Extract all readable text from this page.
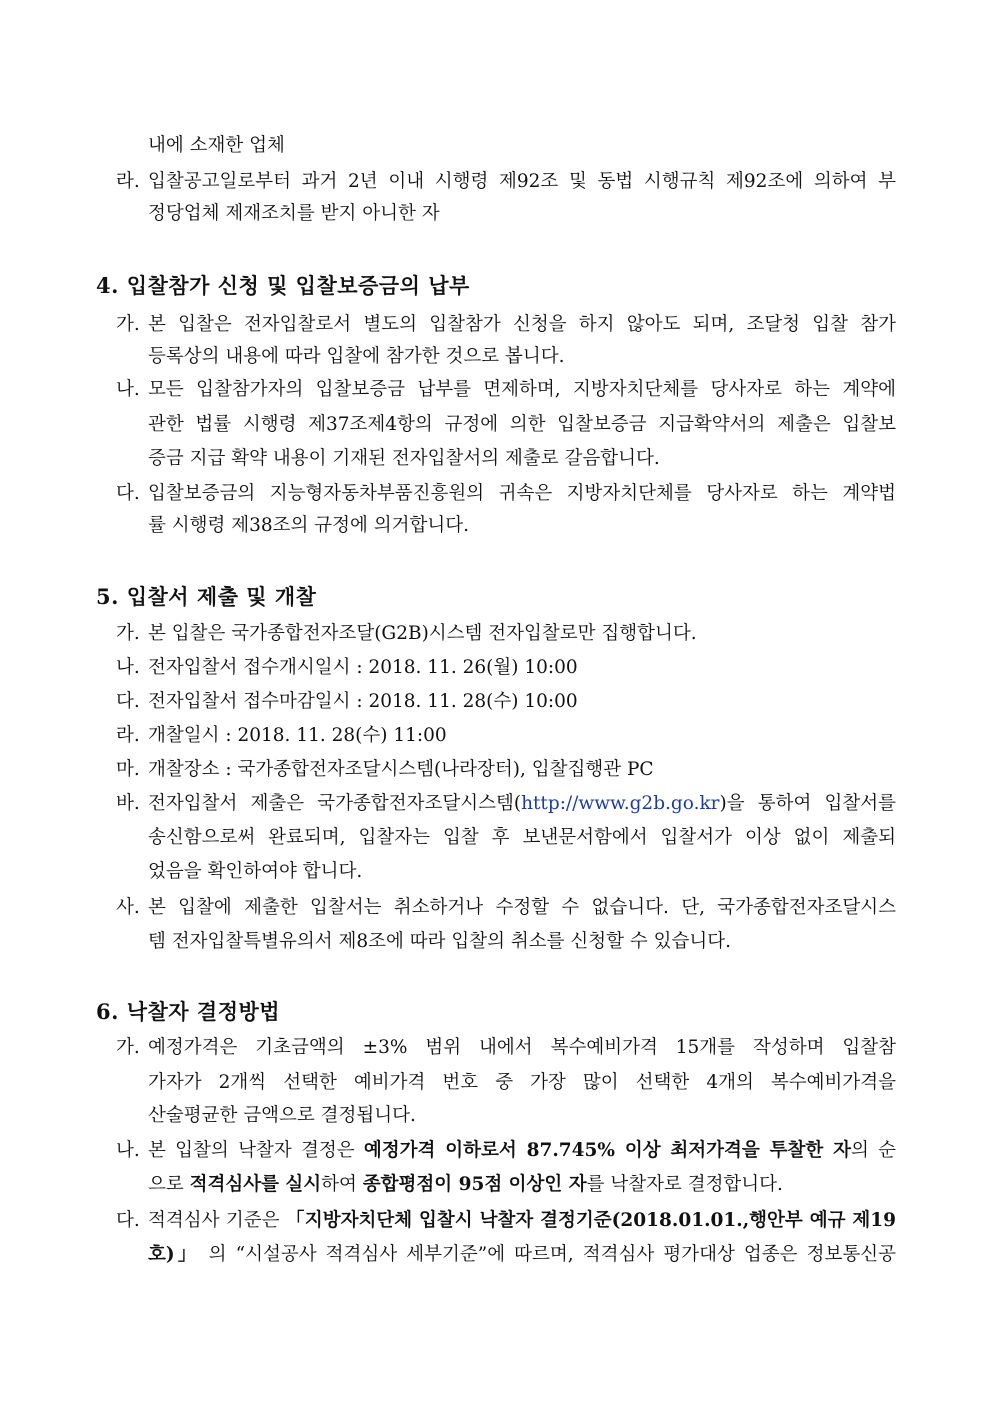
내에 소재한 업체
라. 입찰공고일로부터 과거 2년 이내 시행령 제92조 및 동법 시행규칙 제92조에 의하여 부
정당업체 제재조치를 받지 아니한 자
4. 입찰참가 신청 및 입찰보증금의 납부
가. 본 입찰은 전자입찰로서 별도의 입찰참가 신청을 하지 않아도 되며, 조달청 입찰 참가
등록상의 내용에 따라 입찰에 참가한 것으로 봅니다.
나. 모든 입찰참가자의 입찰보증금 납부를 면제하며, 지방자치단체를 당사자로 하는 계약에
관한 법률 시행령 제37조제4항의 규정에 의한 입찰보증금 지급확약서의 제출은 입찰보
증금 지급 확약 내용이 기재된 전자입찰서의 제출로 갈음합니다.
다. 입찰보증금의 지능형자동차부품진흥원의 귀속은 지방자치단체를 당사자로 하는 계약법
률 시행령 제38조의 규정에 의거합니다.
5. 입찰서 제출 및 개찰
가. 본 입찰은 국가종합전자조달(G2B)시스템 전자입찰로만 집행합니다.
나. 전자입찰서 접수개시일시 : 2018. 11. 26(월) 10:00
다. 전자입찰서 접수마감일시 : 2018. 11. 28(수) 10:00
라. 개찰일시 : 2018. 11. 28(수) 11:00
마. 개찰장소 : 국가종합전자조달시스템(나라장터), 입찰집행관 PC
바. 전자입찰서 제출은 국가종합전자조달시스템(http://www.g2b.go.kr)을 통하여 입찰서를
송신함으로써 완료되며, 입찰자는 입찰 후 보낸문서함에서 입찰서가 이상 없이 제출되
었음을 확인하여야 합니다.
사. 본 입찰에 제출한 입찰서는 취소하거나 수정할 수 없습니다. 단, 국가종합전자조달시스
템 전자입찰특별유의서 제8조에 따라 입찰의 취소를 신청할 수 있습니다.
6. 낙찰자 결정방법
가. 예정가격은 기초금액의 ±3% 범위 내에서 복수예비가격 15개를 작성하며 입찰참
가자가 2개씩 선택한 예비가격 번호 중 가장 많이 선택한 4개의 복수예비가격을
산술평균한 금액으로 결정됩니다.
나. 본 입찰의 낙찰자 결정은 예정가격 이하로서 87.745% 이상 최저가격을 투찰한 자의 순
으로 적격심사를 실시하여 종합평점이 95점 이상인 자를 낙찰자로 결정합니다.
다. 적격심사 기준은 「지방자치단체 입찰시 낙찰자 결정기준(2018.01.01.,행안부 예규 제19
호)」 의 “시설공사 적격심사 세부기준”에 따르며, 적격심사 평가대상 업종은 정보통신공
